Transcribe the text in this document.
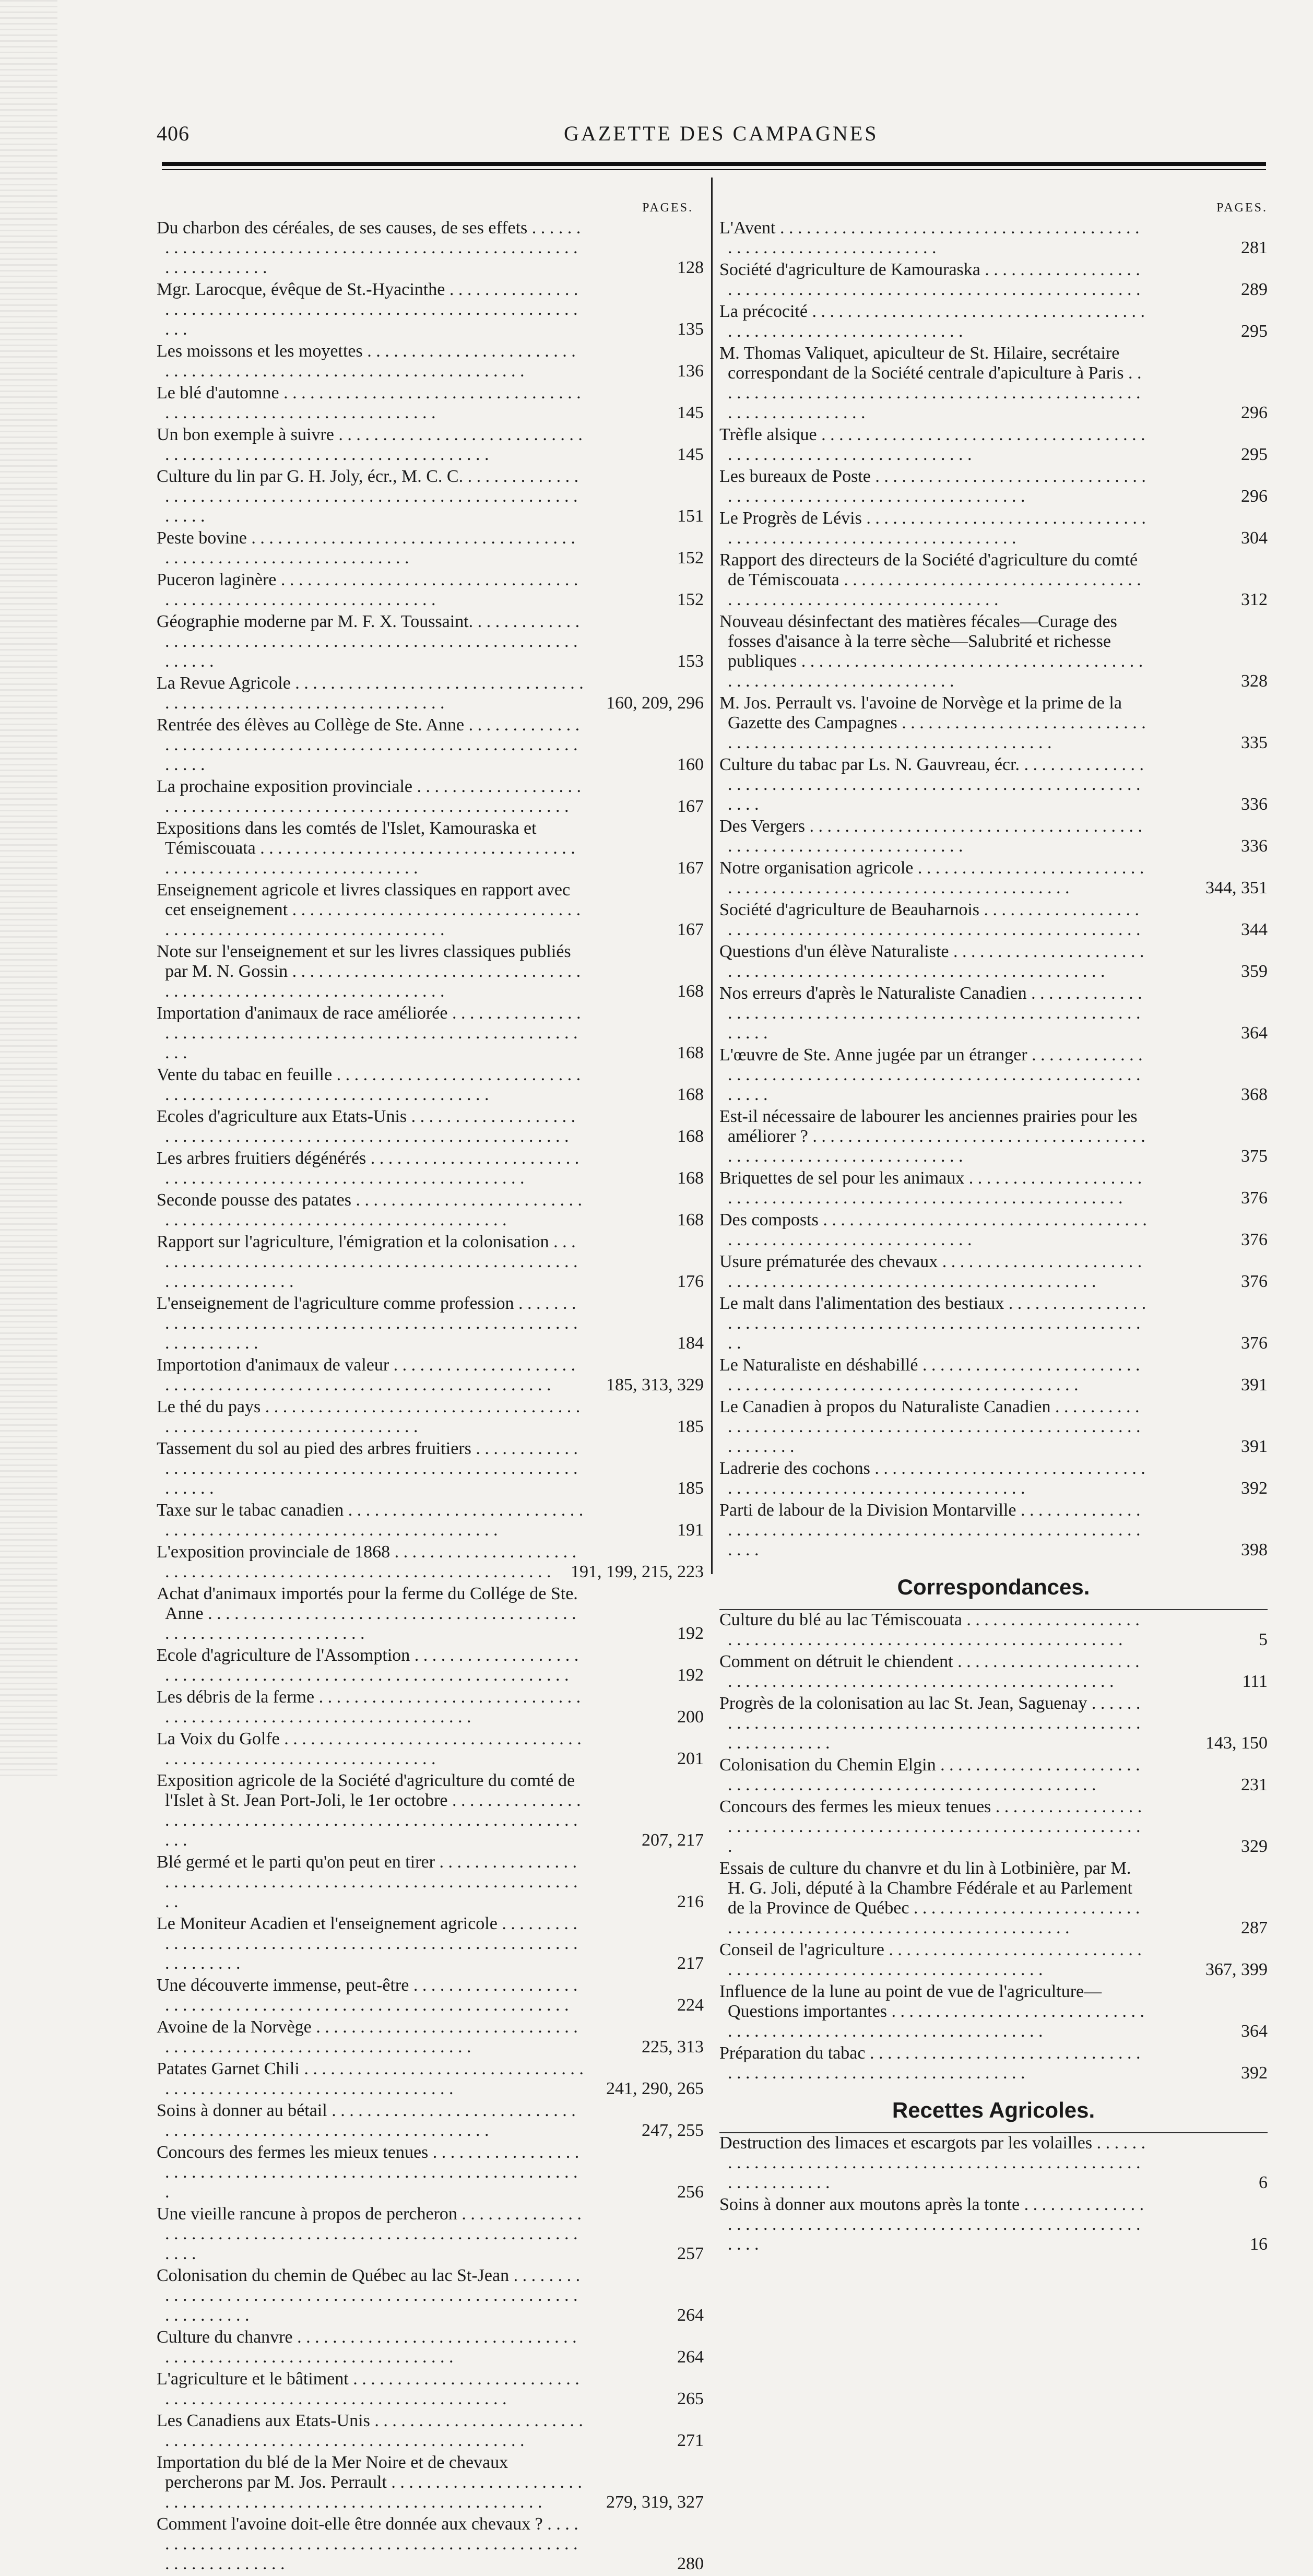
406	GAZETTE DES CAMPAGNES
PAGES.
Du charbon des céréales, de ses causes, de ses effets . . .
128
Mgr. Larocque, évêque de St.-Hyacinthe . . .
135
Les moissons et les moyettes . . .
136
Le blé d'automne . . .
145
Un bon exemple à suivre . . .
145
Culture du lin par G. H. Joly, écr., M. C. C. . . .
151
Peste bovine . . .
152
Puceron laginère . . .
152
Géographie moderne par M. F. X. Toussaint. . . .
153
La Revue Agricole . . .
160, 209, 296
Rentrée des élèves au Collège de Ste. Anne . . .
160
La prochaine exposition provinciale . . .
167
Expositions dans les comtés de l'Islet, Kamouraska et Témiscouata . . .
167
Enseignement agricole et livres classiques en rapport avec cet enseignement . . .
167
Note sur l'enseignement et sur les livres classiques publiés par M. N. Gossin . . .
168
Importation d'animaux de race améliorée . . .
168
Vente du tabac en feuille . . .
168
Ecoles d'agriculture aux Etats-Unis . . .
168
Les arbres fruitiers dégénérés . . .
168
Seconde pousse des patates . . .
168
Rapport sur l'agriculture, l'émigration et la colonisation . . .
176
L'enseignement de l'agriculture comme profession . . .
184
Importotion d'animaux de valeur . . .
185, 313, 329
Le thé du pays . . .
185
Tassement du sol au pied des arbres fruitiers . . .
185
Taxe sur le tabac canadien . . .
191
L'exposition provinciale de 1868 . . .
191, 199, 215, 223
Achat d'animaux importés pour la ferme du Collége de Ste. Anne . . .
192
Ecole d'agriculture de l'Assomption . . .
192
Les débris de la ferme . . .
200
La Voix du Golfe . . .
201
Exposition agricole de la Société d'agriculture du comté de l'Islet à St. Jean Port-Joli, le 1er octobre . . .
207, 217
Blé germé et le parti qu'on peut en tirer . . .
216
Le Moniteur Acadien et l'enseignement agricole . . .
217
Une découverte immense, peut-être . . .
224
Avoine de la Norvège . . .
225, 313
Patates Garnet Chili . . .
241, 290, 265
Soins à donner au bétail . . .
247, 255
Concours des fermes les mieux tenues . . .
256
Une vieille rancune à propos de percheron . . .
257
Colonisation du chemin de Québec au lac St-Jean . . .
264
Culture du chanvre . . .
264
L'agriculture et le bâtiment . . .
265
Les Canadiens aux Etats-Unis . . .
271
Importation du blé de la Mer Noire et de chevaux percherons par M. Jos. Perrault . . .
279, 319, 327
Comment l'avoine doit-elle être donnée aux chevaux ? . . .
280
PAGES.
L'Avent . . .
281
Société d'agriculture de Kamouraska . . .
289
La précocité . . .
295
M. Thomas Valiquet, apiculteur de St. Hilaire, secrétaire correspondant de la Société centrale d'apiculture à Paris . . .
296
Trèfle alsique . . .
295
Les bureaux de Poste . . .
296
Le Progrès de Lévis . . .
304
Rapport des directeurs de la Société d'agriculture du comté de Témiscouata . . .
312
Nouveau désinfectant des matières fécales—Curage des fosses d'aisance à la terre sèche—Salubrité et richesse publiques . . .
328
M. Jos. Perrault vs. l'avoine de Norvège et la prime de la Gazette des Campagnes . . .
335
Culture du tabac par Ls. N. Gauvreau, écr. . . .
336
Des Vergers . . .
336
Notre organisation agricole . . .
344, 351
Société d'agriculture de Beauharnois . . .
344
Questions d'un élève Naturaliste . . .
359
Nos erreurs d'après le Naturaliste Canadien . . .
364
L'œuvre de Ste. Anne jugée par un étranger . . .
368
Est-il nécessaire de labourer les anciennes prairies pour les améliorer ? . . .
375
Briquettes de sel pour les animaux . . .
376
Des composts . . .
376
Usure prématurée des chevaux . . .
376
Le malt dans l'alimentation des bestiaux . . .
376
Le Naturaliste en déshabillé . . .
391
Le Canadien à propos du Naturaliste Canadien . . .
391
Ladrerie des cochons . . .
392
Parti de labour de la Division Montarville . . .
398
Correspondances.
Culture du blé au lac Témiscouata . . .
5
Comment on détruit le chiendent . . .
111
Progrès de la colonisation au lac St. Jean, Saguenay . . .
143, 150
Colonisation du Chemin Elgin . . .
231
Concours des fermes les mieux tenues . . .
329
Essais de culture du chanvre et du lin à Lotbinière, par M. H. G. Joli, député à la Chambre Fédérale et au Parlement de la Province de Québec . . .
287
Conseil de l'agriculture . . .
367, 399
Influence de la lune au point de vue de l'agriculture—Questions importantes . . .
364
Préparation du tabac . . .
392
Recettes Agricoles.
Destruction des limaces et escargots par les volailles . . .
6
Soins à donner aux moutons après la tonte . . .
16
